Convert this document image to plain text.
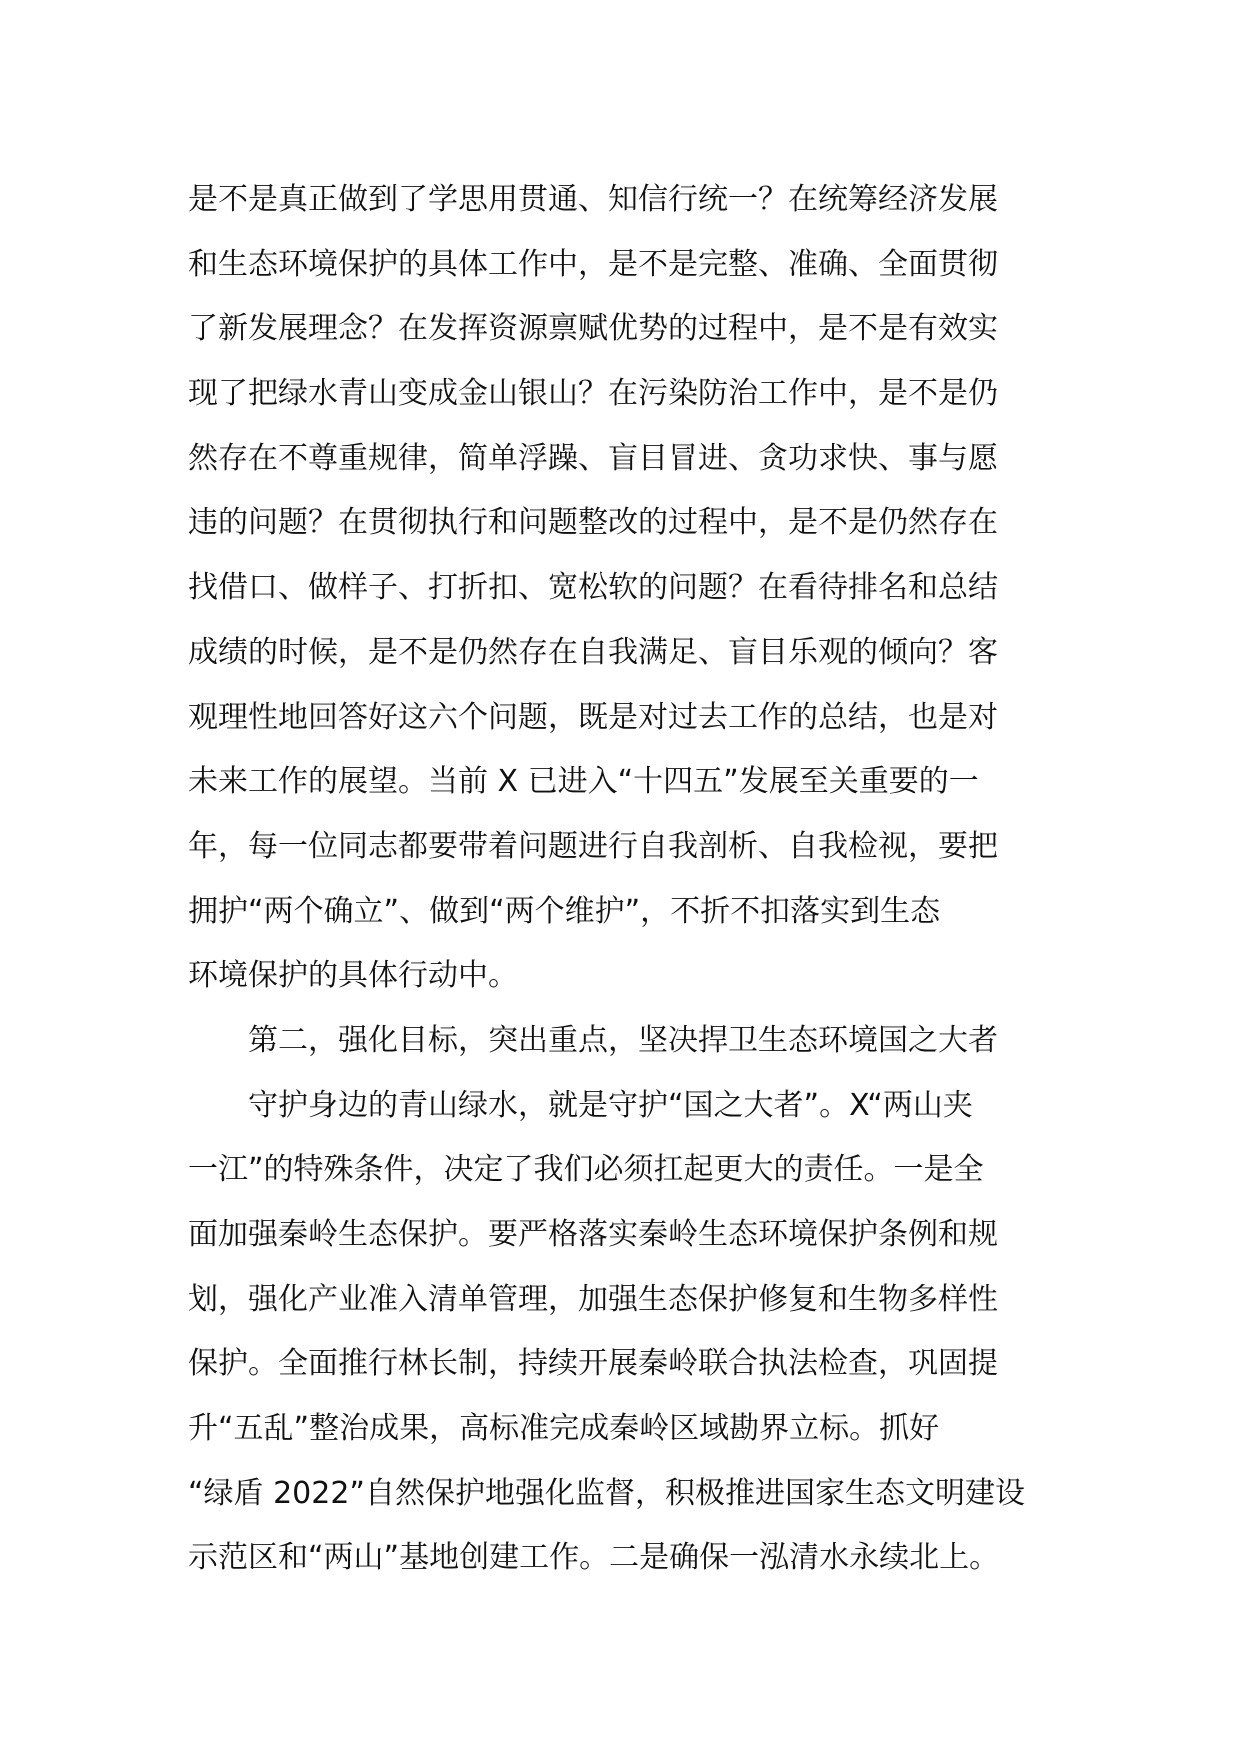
是不是真正做到了学思用贯通、知信行统一？在统筹经济发展
和生态环境保护的具体工作中，是不是完整、准确、全面贯彻
了新发展理念？在发挥资源禀赋优势的过程中，是不是有效实
现了把绿水青山变成金山银山？在污染防治工作中，是不是仍
然存在不尊重规律，简单浮躁、盲目冒进、贪功求快、事与愿
违的问题？在贯彻执行和问题整改的过程中，是不是仍然存在
找借口、做样子、打折扣、宽松软的问题？在看待排名和总结
成绩的时候，是不是仍然存在自我满足、盲目乐观的倾向？客
观理性地回答好这六个问题，既是对过去工作的总结，也是对
未来工作的展望。当前 X 已进入“十四五”发展至关重要的一
年，每一位同志都要带着问题进行自我剖析、自我检视，要把
拥护“两个确立”、做到“两个维护”，不折不扣落实到生态
环境保护的具体行动中。
第二，强化目标，突出重点，坚决捍卫生态环境国之大者
守护身边的青山绿水，就是守护“国之大者”。X“两山夹
一江”的特殊条件，决定了我们必须扛起更大的责任。一是全
面加强秦岭生态保护。要严格落实秦岭生态环境保护条例和规
划，强化产业准入清单管理，加强生态保护修复和生物多样性
保护。全面推行林长制，持续开展秦岭联合执法检查，巩固提
升“五乱”整治成果，高标准完成秦岭区域勘界立标。抓好
“绿盾 2022”自然保护地强化监督，积极推进国家生态文明建设
示范区和“两山”基地创建工作。二是确保一泓清水永续北上。
